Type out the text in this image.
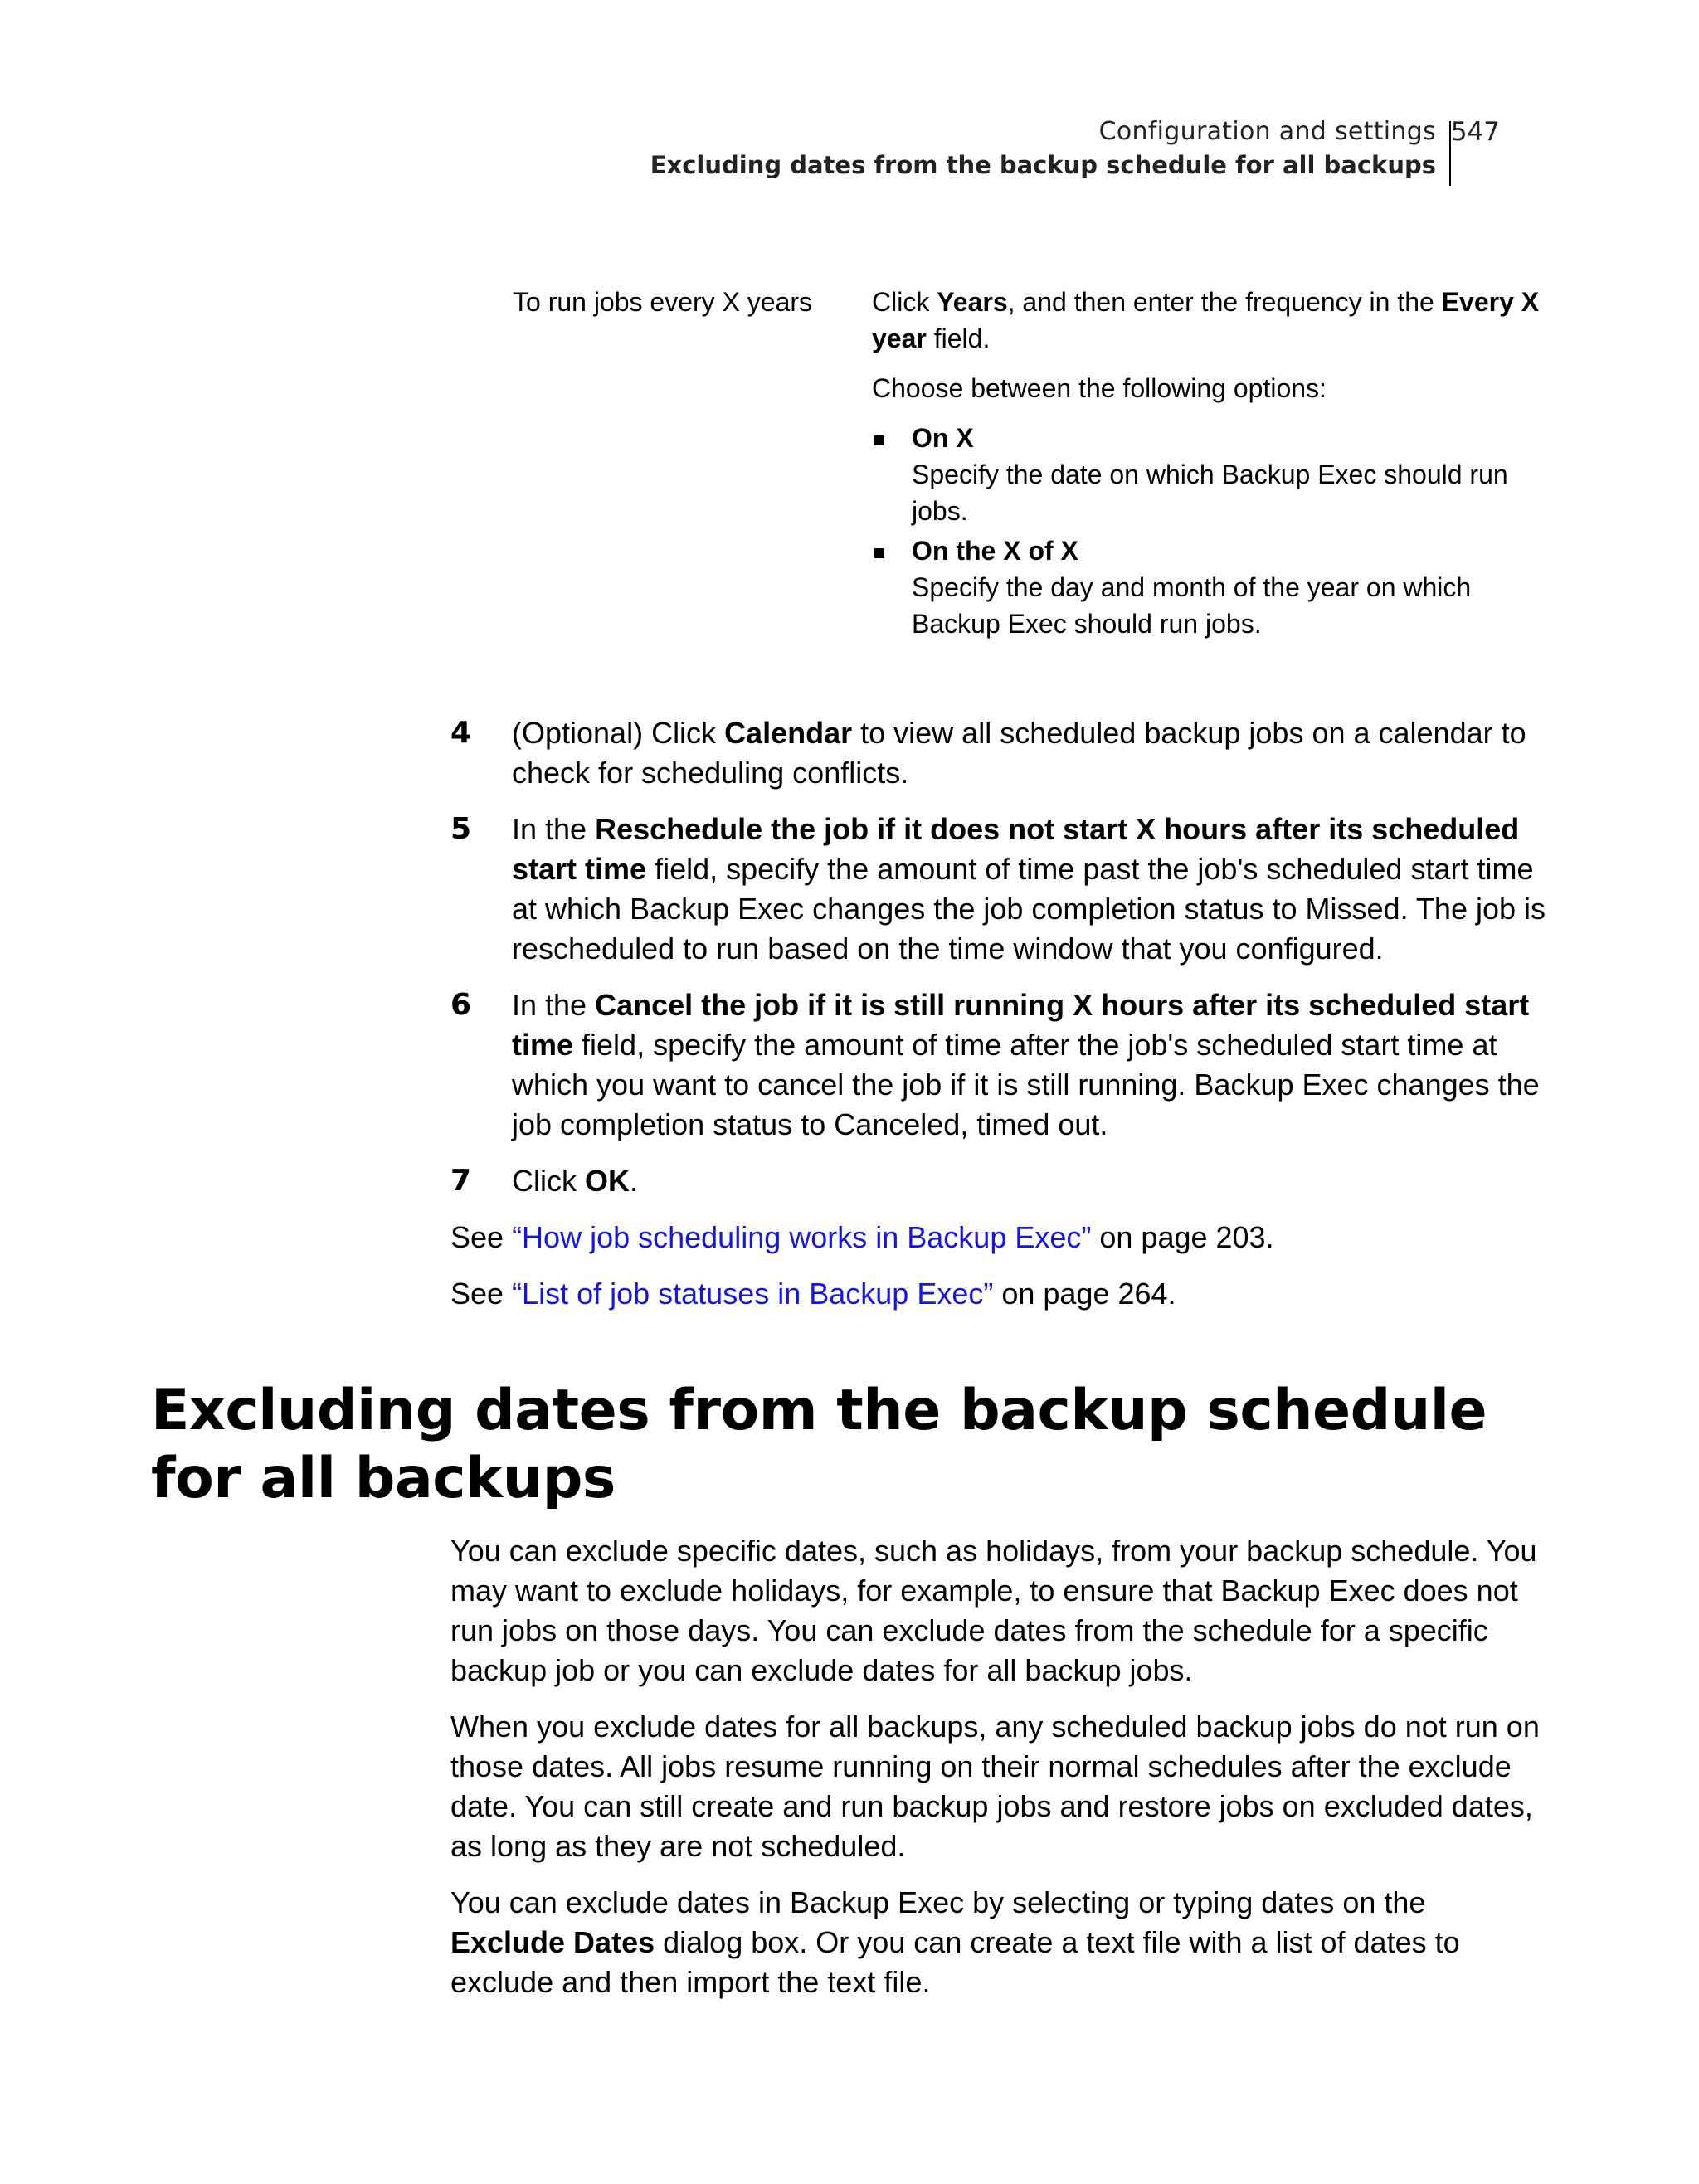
Configuration and settings
Excluding dates from the backup schedule for all backups
547
To run jobs every X years	Click Years, and then enter the frequency in the Every X year field.

Choose between the following options:

On X
Specify the date on which Backup Exec should run jobs.
On the X of X
Specify the day and month of the year on which Backup Exec should run jobs.
4 (Optional) Click Calendar to view all scheduled backup jobs on a calendar to check for scheduling conflicts.
5 In the Reschedule the job if it does not start X hours after its scheduled start time field, specify the amount of time past the job's scheduled start time at which Backup Exec changes the job completion status to Missed. The job is rescheduled to run based on the time window that you configured.
6 In the Cancel the job if it is still running X hours after its scheduled start time field, specify the amount of time after the job's scheduled start time at which you want to cancel the job if it is still running. Backup Exec changes the job completion status to Canceled, timed out.
7 Click OK.

See “How job scheduling works in Backup Exec” on page 203.

See “List of job statuses in Backup Exec” on page 264.

Excluding dates from the backup schedule for all backups

You can exclude specific dates, such as holidays, from your backup schedule. You may want to exclude holidays, for example, to ensure that Backup Exec does not run jobs on those days. You can exclude dates from the schedule for a specific backup job or you can exclude dates for all backup jobs.

When you exclude dates for all backups, any scheduled backup jobs do not run on those dates. All jobs resume running on their normal schedules after the exclude date. You can still create and run backup jobs and restore jobs on excluded dates, as long as they are not scheduled.

You can exclude dates in Backup Exec by selecting or typing dates on the Exclude Dates dialog box. Or you can create a text file with a list of dates to exclude and then import the text file.
